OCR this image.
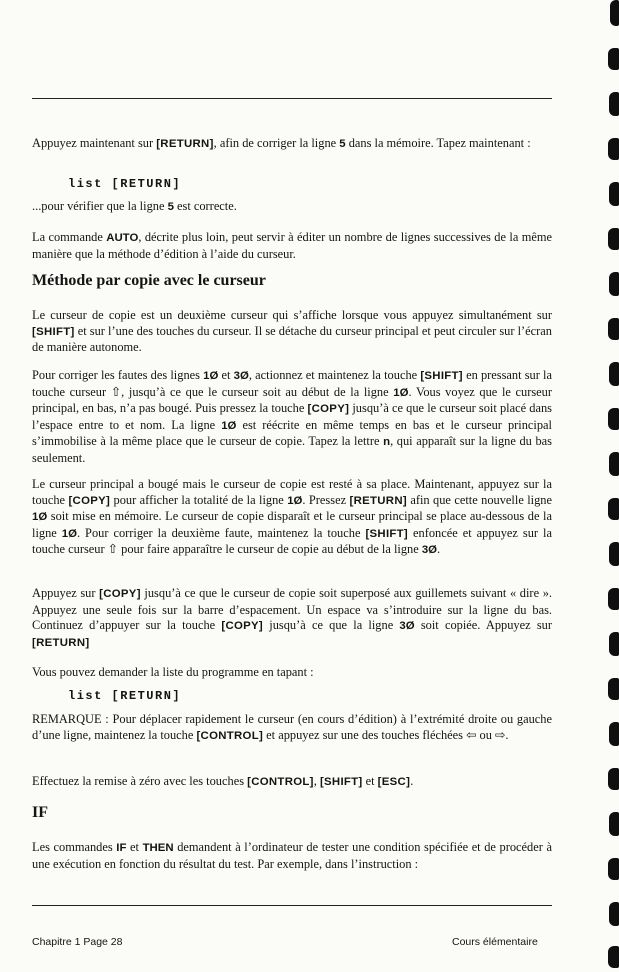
Appuyez maintenant sur [RETURN], afin de corriger la ligne 5 dans la mémoire. Tapez maintenant :

list [RETURN]

...pour vérifier que la ligne 5 est correcte.

La commande AUTO, décrite plus loin, peut servir à éditer un nombre de lignes successives de la même manière que la méthode d’édition à l’aide du curseur.

Méthode par copie avec le curseur

Le curseur de copie est un deuxième curseur qui s’affiche lorsque vous appuyez simultanément sur [SHIFT] et sur l’une des touches du curseur. Il se détache du curseur principal et peut circuler sur l’écran de manière autonome.

Pour corriger les fautes des lignes 1Ø et 3Ø, actionnez et maintenez la touche [SHIFT] en pressant sur la touche curseur ⇧, jusqu’à ce que le curseur soit au début de la ligne 1Ø. Vous voyez que le curseur principal, en bas, n’a pas bougé. Puis pressez la touche [COPY] jusqu’à ce que le curseur soit placé dans l’espace entre to et nom. La ligne 1Ø est réécrite en même temps en bas et le curseur principal s’immobilise à la même place que le curseur de copie. Tapez la lettre n, qui apparaît sur la ligne du bas seulement.

Le curseur principal a bougé mais le curseur de copie est resté à sa place. Maintenant, appuyez sur la touche [COPY] pour afficher la totalité de la ligne 1Ø. Pressez [RETURN] afin que cette nouvelle ligne 1Ø soit mise en mémoire. Le curseur de copie disparaît et le curseur principal se place au-dessous de la ligne 1Ø. Pour corriger la deuxième faute, maintenez la touche [SHIFT] enfoncée et appuyez sur la touche curseur ⇧ pour faire apparaître le curseur de copie au début de la ligne 3Ø.

Appuyez sur [COPY] jusqu’à ce que le curseur de copie soit superposé aux guillemets suivant « dire ». Appuyez une seule fois sur la barre d’espacement. Un espace va s’introduire sur la ligne du bas. Continuez d’appuyer sur la touche [COPY] jusqu’à ce que la ligne 3Ø soit copiée. Appuyez sur [RETURN]

Vous pouvez demander la liste du programme en tapant :

list [RETURN]

REMARQUE : Pour déplacer rapidement le curseur (en cours d’édition) à l’extrémité droite ou gauche d’une ligne, maintenez la touche [CONTROL] et appuyez sur une des touches fléchées ⇦ ou ⇨.

Effectuez la remise à zéro avec les touches [CONTROL], [SHIFT] et [ESC].

IF

Les commandes IF et THEN demandent à l’ordinateur de tester une condition spécifiée et de procéder à une exécution en fonction du résultat du test. Par exemple, dans l’instruction :

Chapitre 1 Page 28	Cours élémentaire
